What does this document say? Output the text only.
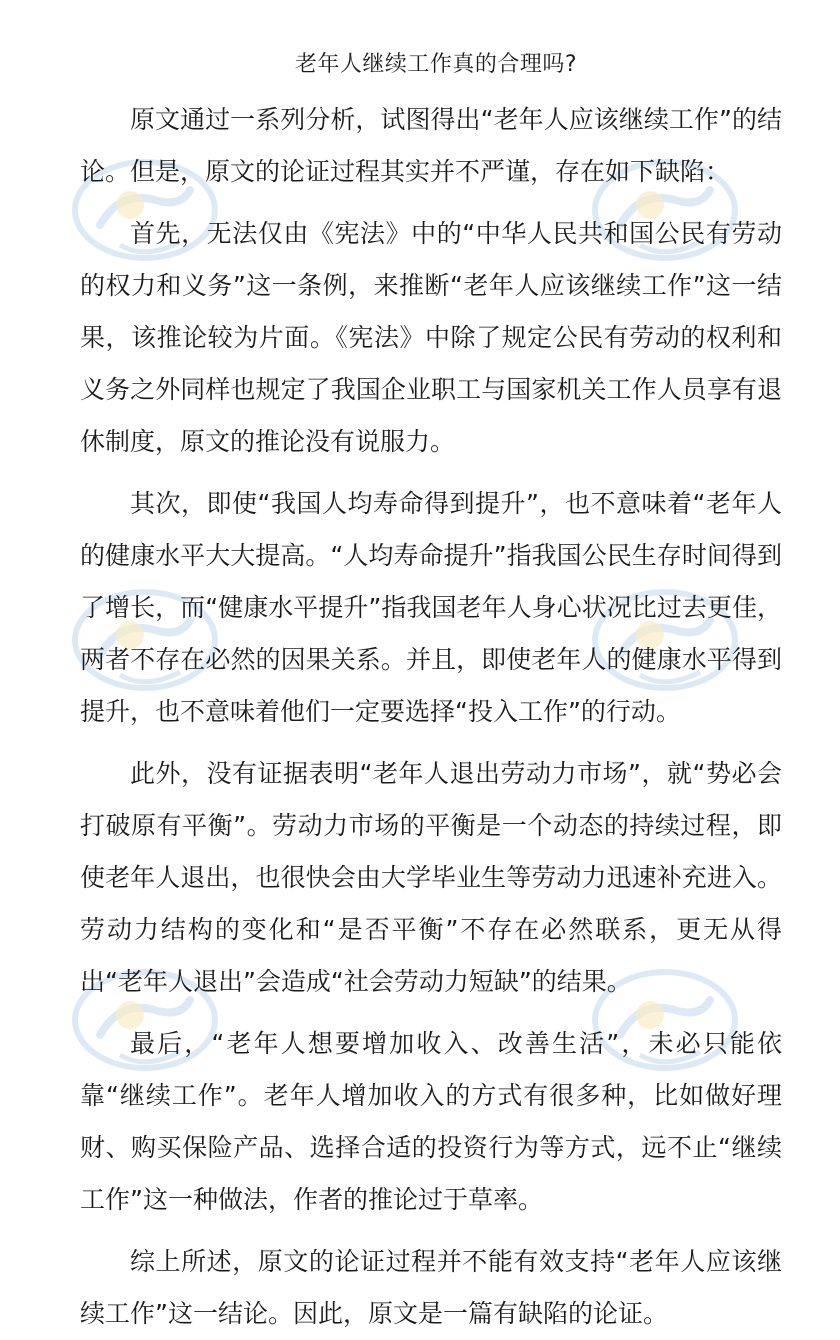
老年人继续工作真的合理吗?

原文通过一系列分析，试图得出“老年人应该继续工作”的结论。但是，原文的论证过程其实并不严谨，存在如下缺陷：

首先，无法仅由《宪法》中的“中华人民共和国公民有劳动的权力和义务”这一条例，来推断“老年人应该继续工作”这一结果，该推论较为片面。《宪法》中除了规定公民有劳动的权利和义务之外同样也规定了我国企业职工与国家机关工作人员享有退休制度，原文的推论没有说服力。

其次，即使“我国人均寿命得到提升”，也不意味着“老年人的健康水平大大提高。“人均寿命提升”指我国公民生存时间得到了增长，而“健康水平提升”指我国老年人身心状况比过去更佳，两者不存在必然的因果关系。并且，即使老年人的健康水平得到提升，也不意味着他们一定要选择“投入工作”的行动。

此外，没有证据表明“老年人退出劳动力市场”，就“势必会打破原有平衡”。劳动力市场的平衡是一个动态的持续过程，即使老年人退出，也很快会由大学毕业生等劳动力迅速补充进入。劳动力结构的变化和“是否平衡”不存在必然联系，更无从得出“老年人退出”会造成“社会劳动力短缺”的结果。

最后，“老年人想要增加收入、改善生活”，未必只能依靠“继续工作”。老年人增加收入的方式有很多种，比如做好理财、购买保险产品、选择合适的投资行为等方式，远不止“继续工作”这一种做法，作者的推论过于草率。

综上所述，原文的论证过程并不能有效支持“老年人应该继续工作”这一结论。因此，原文是一篇有缺陷的论证。
